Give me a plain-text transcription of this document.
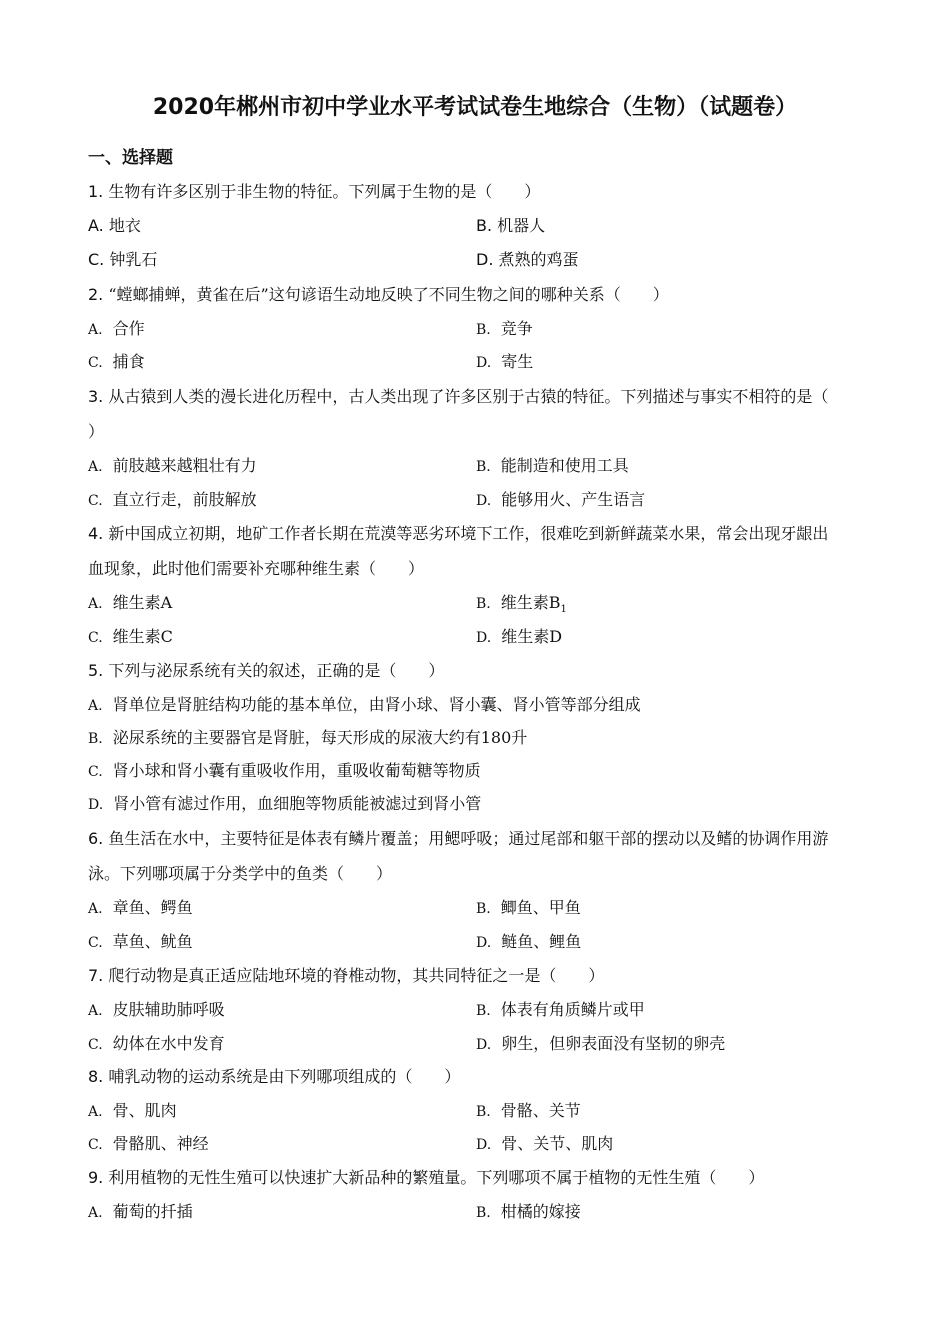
2020年郴州市初中学业水平考试试卷生地综合（生物）（试题卷）
一、选择题
1. 生物有许多区别于非生物的特征。下列属于生物的是（　　）
A. 地衣	B. 机器人
C. 钟乳石	D. 煮熟的鸡蛋
2. “螳螂捕蝉，黄雀在后”这句谚语生动地反映了不同生物之间的哪种关系（　　）
A. 合作	B. 竞争
C. 捕食	D. 寄生
3. 从古猿到人类的漫长进化历程中，古人类出现了许多区别于古猿的特征。下列描述与事实不相符的是（
）
A. 前肢越来越粗壮有力	B. 能制造和使用工具
C. 直立行走，前肢解放	D. 能够用火、产生语言
4. 新中国成立初期，地矿工作者长期在荒漠等恶劣环境下工作，很难吃到新鲜蔬菜水果，常会出现牙龈出
血现象，此时他们需要补充哪种维生素（　　）
A. 维生素A	B. 维生素$B_1$
C. 维生素C	D. 维生素D
5. 下列与泌尿系统有关的叙述，正确的是（　　）
A. 肾单位是肾脏结构功能的基本单位，由肾小球、肾小囊、肾小管等部分组成
B. 泌尿系统的主要器官是肾脏，每天形成的尿液大约有180升
C. 肾小球和肾小囊有重吸收作用，重吸收葡萄糖等物质
D. 肾小管有滤过作用，血细胞等物质能被滤过到肾小管
6. 鱼生活在水中，主要特征是体表有鳞片覆盖；用鳃呼吸；通过尾部和躯干部的摆动以及鳍的协调作用游
泳。下列哪项属于分类学中的鱼类（　　）
A. 章鱼、鳄鱼	B. 鲫鱼、甲鱼
C. 草鱼、鱿鱼	D. 鲢鱼、鲤鱼
7. 爬行动物是真正适应陆地环境的脊椎动物，其共同特征之一是（　　）
A. 皮肤辅助肺呼吸	B. 体表有角质鳞片或甲
C. 幼体在水中发育	D. 卵生，但卵表面没有坚韧的卵壳
8. 哺乳动物的运动系统是由下列哪项组成的（　　）
A. 骨、肌肉	B. 骨骼、关节
C. 骨骼肌、神经	D. 骨、关节、肌肉
9. 利用植物的无性生殖可以快速扩大新品种的繁殖量。下列哪项不属于植物的无性生殖（　　）
A. 葡萄的扦插	B. 柑橘的嫁接
